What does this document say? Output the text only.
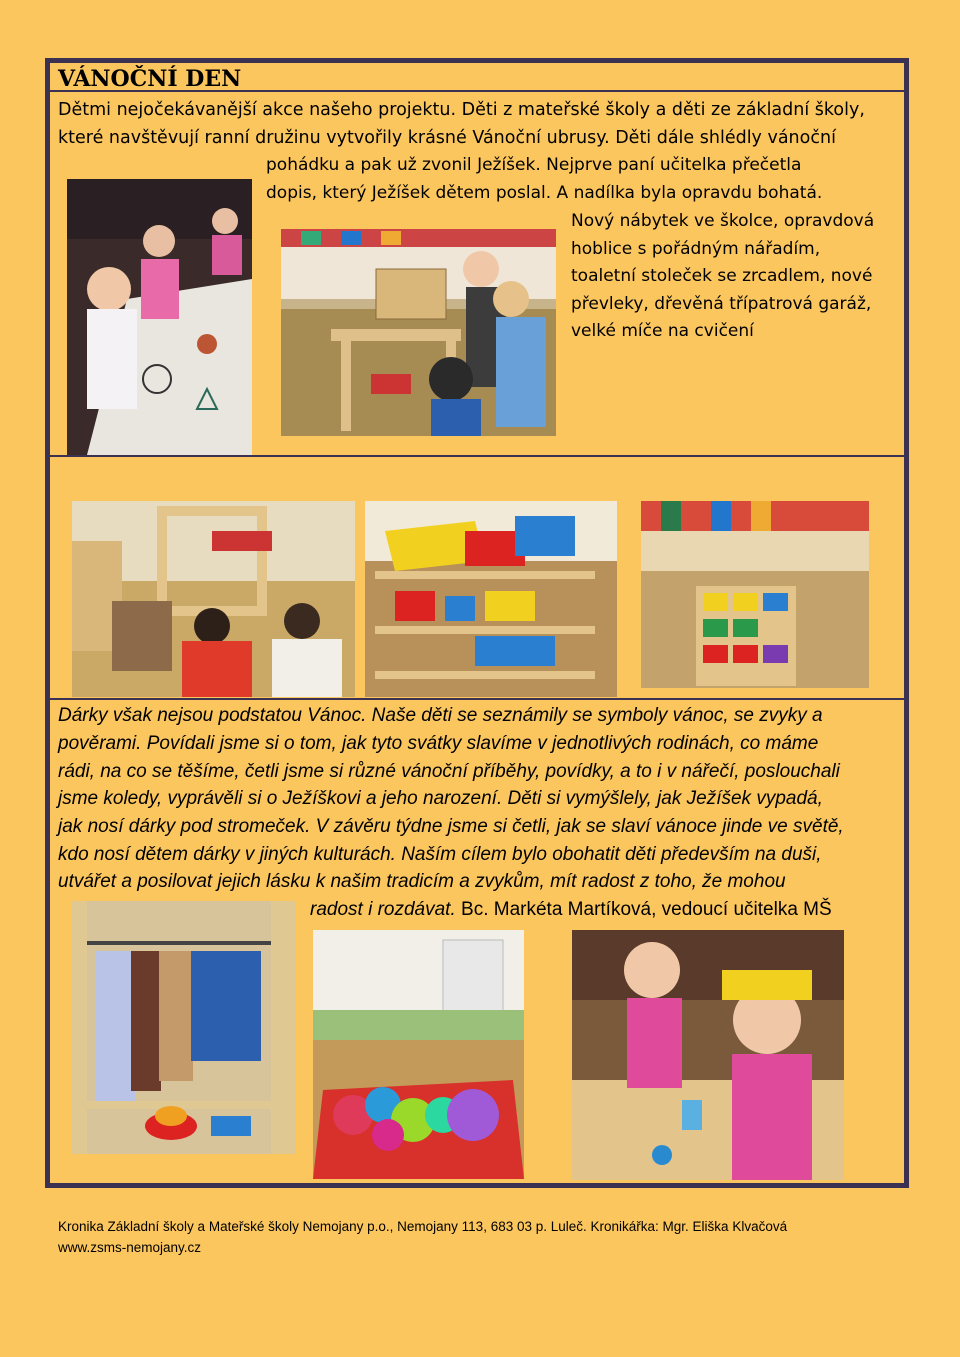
VÁNOČNÍ DEN
Dětmi nejočekávanější akce našeho projektu. Děti z mateřské školy a děti ze základní školy,
které navštěvují ranní družinu vytvořily krásné Vánoční ubrusy. Děti dále shlédly vánoční
pohádku a pak už zvonil Ježíšek. Nejprve paní učitelka přečetla
dopis, který Ježíšek dětem poslal. A nadílka byla opravdu bohatá.
Nový nábytek ve školce, opravdová
hoblice s pořádným nářadím,
toaletní stoleček se zrcadlem, nové
převleky, dřevěná třípatrová garáž,
velké míče na cvičení
Dárky však nejsou podstatou Vánoc. Naše děti se seznámily se symboly vánoc, se zvyky a
pověrami. Povídali jsme si o tom, jak tyto svátky slavíme v jednotlivých rodinách, co máme
rádi, na co se těšíme, četli jsme si různé vánoční příběhy, povídky, a to i v nářečí, poslouchali
jsme koledy, vyprávěli si o Ježíškovi a jeho narození. Děti si vymýšlely, jak Ježíšek vypadá,
jak nosí dárky pod stromeček. V závěru týdne jsme si četli, jak se slaví vánoce jinde ve světě,
kdo nosí dětem dárky v jiných kulturách. Naším cílem bylo obohatit děti především na duši,
utvářet a posilovat jejich lásku k našim tradicím a zvykům, mít radost z toho, že mohou
radost i rozdávat. Bc. Markéta Martíková, vedoucí učitelka MŠ
Kronika Základní školy a Mateřské školy Nemojany p.o., Nemojany 113, 683 03 p. Luleč. Kronikářka: Mgr. Eliška Klvačová
www.zsms-nemojany.cz
